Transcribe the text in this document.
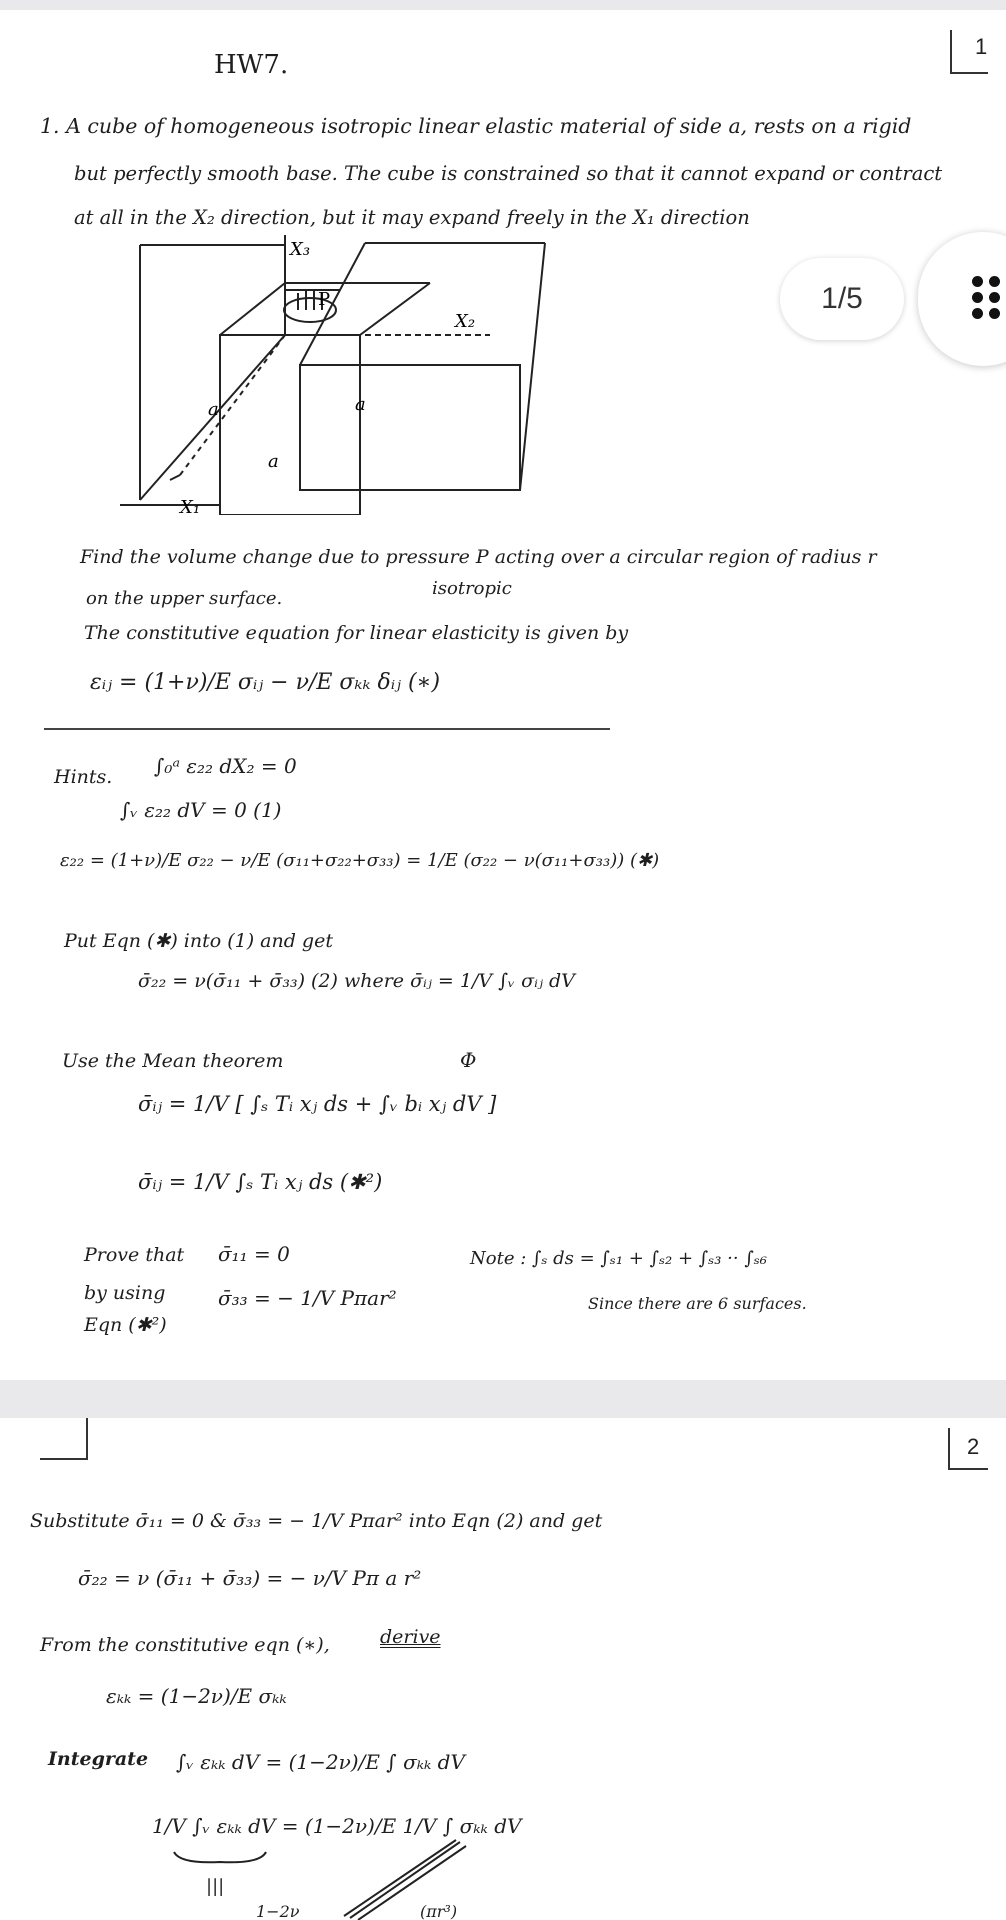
1
HW7.
1. A cube of homogeneous isotropic linear elastic material of side a, rests on a rigid
but perfectly smooth base. The cube is constrained so that it cannot expand or contract
at all in the X₂ direction, but it may expand freely in the X₁ direction
X₃
P
X₂
X₁
a	a
a
Find the volume change due to pressure P acting over a circular region of radius r
on the upper surface.	isotropic
The constitutive equation for linear elasticity is given by
εᵢⱼ = (1+ν)/E σᵢⱼ − ν/E σₖₖ δᵢⱼ (∗)
Hints. ∫₀ᵃ ε₂₂ dX₂ = 0
∫ᵥ ε₂₂ dV = 0 (1)
ε₂₂ = (1+ν)/E σ₂₂ − ν/E (σ₁₁+σ₂₂+σ₃₃) = 1/E (σ₂₂ − ν(σ₁₁+σ₃₃)) (✱)
Put Eqn (✱) into (1) and get
σ̄₂₂ = ν(σ̄₁₁ + σ̄₃₃) (2) where σ̄ᵢⱼ = 1/V ∫ᵥ σᵢⱼ dV
Use the Mean theorem	Φ
σ̄ᵢⱼ = 1/V [ ∫ₛ Tᵢ xⱼ ds + ∫ᵥ bᵢ xⱼ dV ]
σ̄ᵢⱼ = 1/V ∫ₛ Tᵢ xⱼ ds (✱²)
Prove that
by using
Eqn (✱²)
σ̄₁₁ = 0
σ̄₃₃ = − 1/V Pπar²
Note : ∫ₛ ds = ∫ₛ₁ + ∫ₛ₂ + ∫ₛ₃ ·· ∫ₛ₆
Since there are 6 surfaces.
1/5
2
Substitute σ̄₁₁ = 0 & σ̄₃₃ = − 1/V Pπar² into Eqn (2) and get
σ̄₂₂ = ν (σ̄₁₁ + σ̄₃₃) = − ν/V Pπ a r²
From the constitutive eqn (∗),	derive
εₖₖ = (1−2ν)/E σₖₖ
Integrate ∫ᵥ εₖₖ dV = (1−2ν)/E ∫ σₖₖ dV
1/V ∫ᵥ εₖₖ dV = (1−2ν)/E 1/V ∫ σₖₖ dV
|||
1−2ν	(πr³)
